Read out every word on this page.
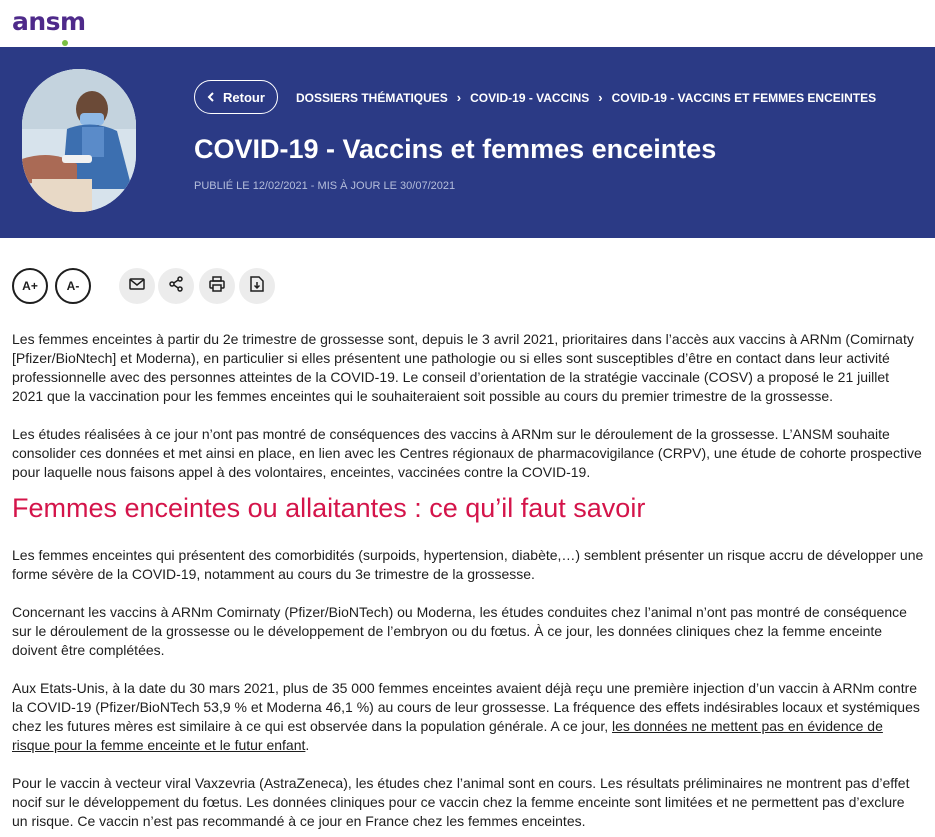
ansm
Retour	DOSSIERS THÉMATIQUES › COVID-19 - VACCINS › COVID-19 - VACCINS ET FEMMES ENCEINTES
COVID-19 - Vaccins et femmes enceintes
PUBLIÉ LE 12/02/2021 - MIS À JOUR LE 30/07/2021
A+	A-

Les femmes enceintes à partir du 2e trimestre de grossesse sont, depuis le 3 avril 2021, prioritaires dans l’accès aux vaccins à ARNm (Comirnaty [Pfizer/BioNtech] et Moderna), en particulier si elles présentent une pathologie ou si elles sont susceptibles d’être en contact dans leur activité professionnelle avec des personnes atteintes de la COVID-19. Le conseil d’orientation de la stratégie vaccinale (COSV) a proposé le 21 juillet 2021 que la vaccination pour les femmes enceintes qui le souhaiteraient soit possible au cours du premier trimestre de la grossesse.

Les études réalisées à ce jour n’ont pas montré de conséquences des vaccins à ARNm sur le déroulement de la grossesse. L’ANSM souhaite consolider ces données et met ainsi en place, en lien avec les Centres régionaux de pharmacovigilance (CRPV), une étude de cohorte prospective pour laquelle nous faisons appel à des volontaires, enceintes, vaccinées contre la COVID-19.

Femmes enceintes ou allaitantes : ce qu’il faut savoir

Les femmes enceintes qui présentent des comorbidités (surpoids, hypertension, diabète,…) semblent présenter un risque accru de développer une forme sévère de la COVID-19, notamment au cours du 3e trimestre de la grossesse.

Concernant les vaccins à ARNm Comirnaty (Pfizer/BioNTech) ou Moderna, les études conduites chez l’animal n’ont pas montré de conséquence sur le déroulement de la grossesse ou le développement de l’embryon ou du fœtus. À ce jour, les données cliniques chez la femme enceinte doivent être complétées.

Aux Etats-Unis, à la date du 30 mars 2021, plus de 35 000 femmes enceintes avaient déjà reçu une première injection d’un vaccin à ARNm contre la COVID-19 (Pfizer/BioNTech 53,9 % et Moderna 46,1 %) au cours de leur grossesse. La fréquence des effets indésirables locaux et systémiques chez les futures mères est similaire à ce qui est observée dans la population générale. A ce jour, les données ne mettent pas en évidence de risque pour la femme enceinte et le futur enfant.

Pour le vaccin à vecteur viral Vaxzevria (AstraZeneca), les études chez l’animal sont en cours. Les résultats préliminaires ne montrent pas d’effet nocif sur le développement du fœtus. Les données cliniques pour ce vaccin chez la femme enceinte sont limitées et ne permettent pas d’exclure un risque. Ce vaccin n’est pas recommandé à ce jour en France chez les femmes enceintes.
